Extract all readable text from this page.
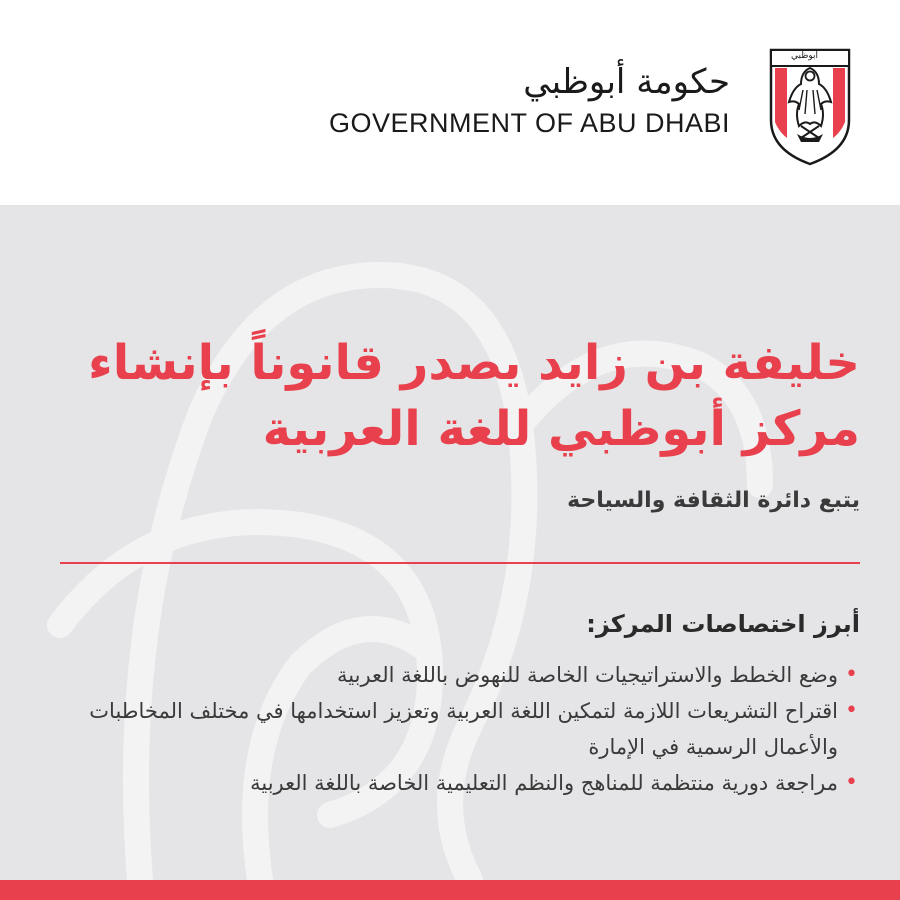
حكومة أبوظبي
GOVERNMENT OF ABU DHABI
أبوظبي
خليفة بن زايد يصدر قانوناً بإنشاء
مركز أبوظبي للغة العربية
يتبع دائرة الثقافة والسياحة
أبرز اختصاصات المركز:
•
وضع الخطط والاستراتيجيات الخاصة للنهوض باللغة العربية
•
اقتراح التشريعات اللازمة لتمكين اللغة العربية وتعزيز استخدامها في مختلف المخاطبات والأعمال الرسمية في الإمارة
•
مراجعة دورية منتظمة للمناهج والنظم التعليمية الخاصة باللغة العربية
